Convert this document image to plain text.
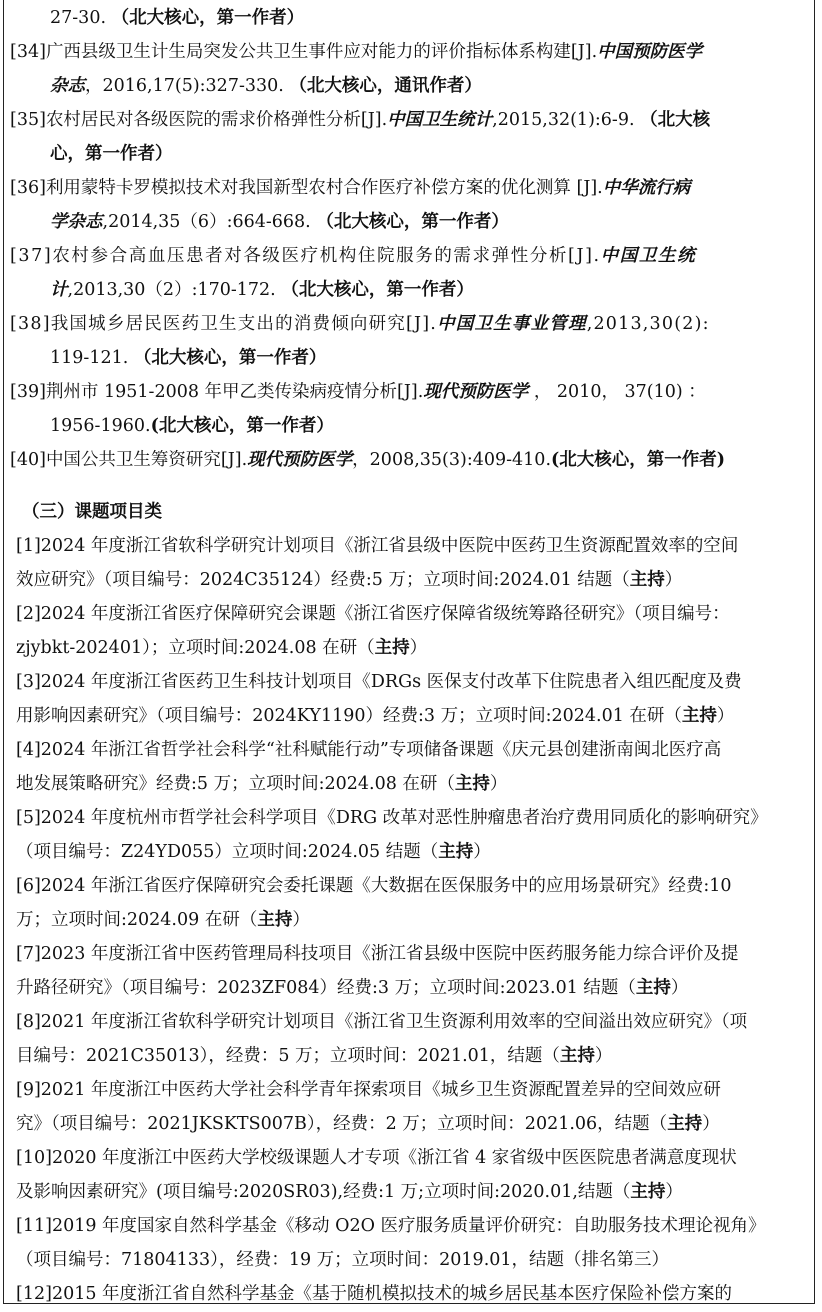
27-30. （北大核心，第一作者）
[34]广西县级卫生计生局突发公共卫生事件应对能力的评价指标体系构建[J].中国预防医学
杂志，2016,17(5):327-330. （北大核心，通讯作者）
[35]农村居民对各级医院的需求价格弹性分析[J].中国卫生统计,2015,32(1):6-9. （北大核
心，第一作者）
[36]利用蒙特卡罗模拟技术对我国新型农村合作医疗补偿方案的优化测算 [J].中华流行病
学杂志,2014,35（6）:664-668. （北大核心，第一作者）
[37]农村参合高血压患者对各级医疗机构住院服务的需求弹性分析[J].中国卫生统
计,2013,30（2）:170-172. （北大核心，第一作者）
[38]我国城乡居民医药卫生支出的消费倾向研究[J].中国卫生事业管理,2013,30(2):
119-121. （北大核心，第一作者）
[39]荆州市 1951-2008 年甲乙类传染病疫情分析[J].现代预防医学 ， 2010， 37(10) ：
1956-1960.(北大核心，第一作者）
[40]中国公共卫生筹资研究[J].现代预防医学，2008,35(3):409-410.(北大核心，第一作者)
（三）课题项目类
[1]2024 年度浙江省软科学研究计划项目《浙江省县级中医院中医药卫生资源配置效率的空间
效应研究》（项目编号：2024C35124）经费:5 万；立项时间:2024.01 结题（主持）
[2]2024 年度浙江省医疗保障研究会课题《浙江省医疗保障省级统筹路径研究》（项目编号：
zjybkt-202401）；立项时间:2024.08 在研（主持）
[3]2024 年度浙江省医药卫生科技计划项目《DRGs 医保支付改革下住院患者入组匹配度及费
用影响因素研究》（项目编号：2024KY1190）经费:3 万；立项时间:2024.01 在研（主持）
[4]2024 年浙江省哲学社会科学“社科赋能行动”专项储备课题《庆元县创建浙南闽北医疗高
地发展策略研究》经费:5 万；立项时间:2024.08 在研（主持）
[5]2024 年度杭州市哲学社会科学项目《DRG 改革对恶性肿瘤患者治疗费用同质化的影响研究》
（项目编号：Z24YD055）立项时间:2024.05 结题（主持）
[6]2024 年浙江省医疗保障研究会委托课题《大数据在医保服务中的应用场景研究》经费:10
万；立项时间:2024.09 在研（主持）
[7]2023 年度浙江省中医药管理局科技项目《浙江省县级中医院中医药服务能力综合评价及提
升路径研究》（项目编号：2023ZF084）经费:3 万；立项时间:2023.01 结题（主持）
[8]2021 年度浙江省软科学研究计划项目《浙江省卫生资源利用效率的空间溢出效应研究》（项
目编号：2021C35013），经费：5 万；立项时间：2021.01，结题（主持）
[9]2021 年度浙江中医药大学社会科学青年探索项目《城乡卫生资源配置差异的空间效应研
究》（项目编号：2021JKSKTS007B），经费：2 万；立项时间：2021.06，结题（主持）
[10]2020 年度浙江中医药大学校级课题人才专项《浙江省 4 家省级中医医院患者满意度现状
及影响因素研究》(项目编号:2020SR03),经费:1 万;立项时间:2020.01,结题（主持）
[11]2019 年度国家自然科学基金《移动 O2O 医疗服务质量评价研究：自助服务技术理论视角》
（项目编号：71804133），经费：19 万；立项时间：2019.01，结题（排名第三）
[12]2015 年度浙江省自然科学基金《基于随机模拟技术的城乡居民基本医疗保险补偿方案的
